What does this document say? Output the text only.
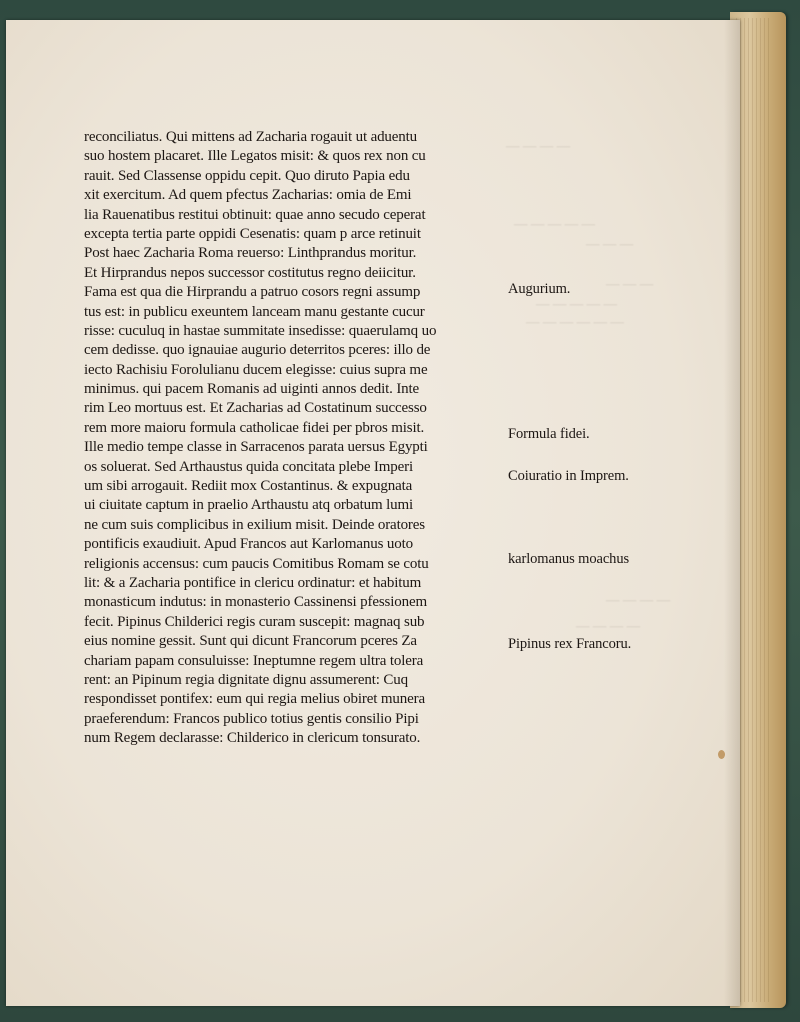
— — — —
— — — — —
— — —
— — —
— — — — —
— — — — — —
— — — —
— — — —
reconciliatus. Qui mittens ad Zacharia rogauit ut aduentu
suo hostem placaret. Ille Legatos misit: & quos rex non cu
rauit. Sed Classense oppidu cepit. Quo diruto Papia edu
xit exercitum. Ad quem pfectus Zacharias: omia de Emi
lia Rauenatibus restitui obtinuit: quae anno secudo ceperat
excepta tertia parte oppidi Cesenatis: quam p arce retinuit
Post haec Zacharia Roma reuerso: Linthprandus moritur.
Et Hirprandus nepos successor costitutus regno deiicitur.
Fama est qua die Hirprandu a patruo cosors regni assump
tus est: in publicu exeuntem lanceam manu gestante cucur
risse: cuculuq in hastae summitate insedisse: quaerulamq uo
cem dedisse. quo ignauiae augurio deterritos pceres: illo de
iecto Rachisiu Forolulianu ducem elegisse: cuius supra me
minimus. qui pacem Romanis ad uiginti annos dedit. Inte
rim Leo mortuus est. Et Zacharias ad Costatinum successo
rem more maioru formula catholicae fidei per pbros misit.
Ille medio tempe classe in Sarracenos parata uersus Egypti
os soluerat. Sed Arthaustus quida concitata plebe Imperi
um sibi arrogauit. Rediit mox Costantinus. & expugnata
ui ciuitate captum in praelio Arthaustu atq orbatum lumi
ne cum suis complicibus in exilium misit. Deinde oratores
pontificis exaudiuit. Apud Francos aut Karlomanus uoto
religionis accensus: cum paucis Comitibus Romam se cotu
lit: & a Zacharia pontifice in clericu ordinatur: et habitum
monasticum indutus: in monasterio Cassinensi pfessionem
fecit. Pipinus Childerici regis curam suscepit: magnaq sub
eius nomine gessit. Sunt qui dicunt Francorum pceres Za
chariam papam consuluisse: Ineptumne regem ultra tolera
rent: an Pipinum regia dignitate dignu assumerent: Cuq
respondisset pontifex: eum qui regia melius obiret munera
praeferendum: Francos publico totius gentis consilio Pipi
num Regem declarasse: Childerico in clericum tonsurato.
Augurium.
Formula fidei.
Coiuratio in Imprem.
karlomanus moachus
Pipinus rex Francoru.
